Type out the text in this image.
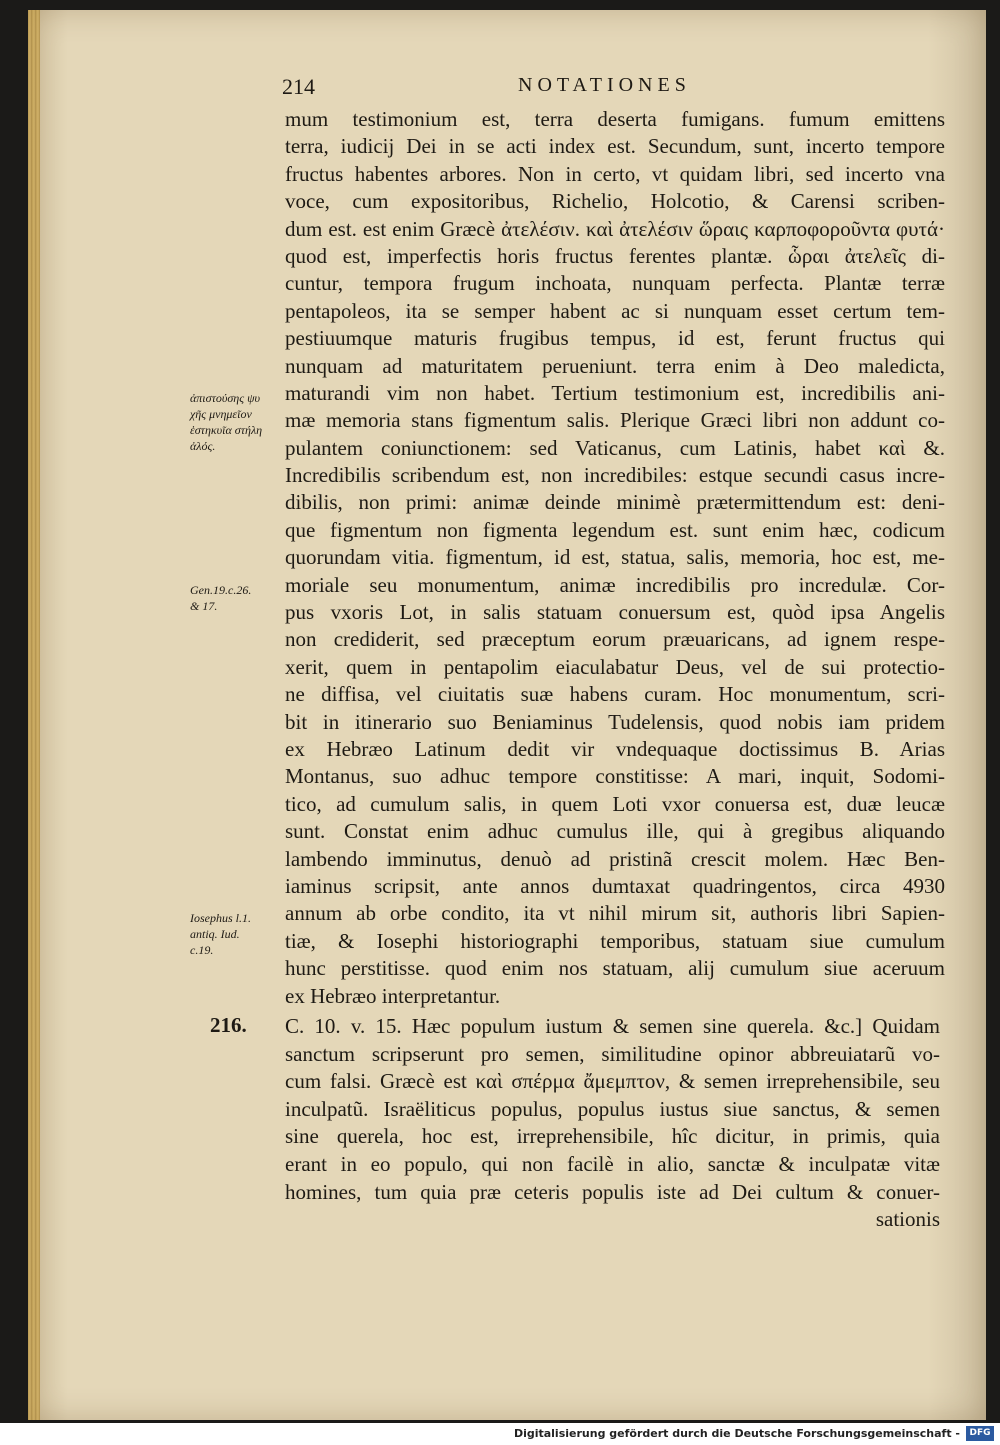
214	NOTATIONES
mum testimonium est, terra deserta fumigans. fumum emittens
terra, iudicij Dei in se acti index est. Secundum, sunt, incerto tempore
fructus habentes arbores. Non in certo, vt quidam libri, sed incerto vna
voce, cum expositoribus, Richelio, Holcotio, & Carensi scriben-
dum est. est enim Græcè ἀτελέσιν. καὶ ἀτελέσιν ὥραις καρποφοροῦντα φυτά·
quod est, imperfectis horis fructus ferentes plantæ. ὧραι ἀτελεῖς di-
cuntur, tempora frugum inchoata, nunquam perfecta. Plantæ terræ
pentapoleos, ita se semper habent ac si nunquam esset certum tem-
pestiuumque maturis frugibus tempus, id est, ferunt fructus qui
nunquam ad maturitatem perueniunt. terra enim à Deo maledicta,
maturandi vim non habet. Tertium testimonium est, incredibilis ani-
mæ memoria stans figmentum salis. Plerique Græci libri non addunt co-
pulantem coniunctionem: sed Vaticanus, cum Latinis, habet καὶ &.
Incredibilis scribendum est, non incredibiles: estque secundi casus incre-
dibilis, non primi: animæ deinde minimè prætermittendum est: deni-
que figmentum non figmenta legendum est. sunt enim hæc, codicum
quorundam vitia. figmentum, id est, statua, salis, memoria, hoc est, me-
moriale seu monumentum, animæ incredibilis pro incredulæ. Cor-
pus vxoris Lot, in salis statuam conuersum est, quòd ipsa Angelis
non crediderit, sed præceptum eorum præuaricans, ad ignem respe-
xerit, quem in pentapolim eiaculabatur Deus, vel de sui protectio-
ne diffisa, vel ciuitatis suæ habens curam. Hoc monumentum, scri-
bit in itinerario suo Beniaminus Tudelensis, quod nobis iam pridem
ex Hebræo Latinum dedit vir vndequaque doctissimus B. Arias
Montanus, suo adhuc tempore constitisse: A mari, inquit, Sodomi-
tico, ad cumulum salis, in quem Loti vxor conuersa est, duæ leucæ
sunt. Constat enim adhuc cumulus ille, qui à gregibus aliquando
lambendo imminutus, denuò ad pristinã crescit molem. Hæc Ben-
iaminus scripsit, ante annos dumtaxat quadringentos, circa 4930
annum ab orbe condito, ita vt nihil mirum sit, authoris libri Sapien-
tiæ, & Iosephi historiographi temporibus, statuam siue cumulum
hunc perstitisse. quod enim nos statuam, alij cumulum siue aceruum
ex Hebræo interpretantur.
ἀπιστούσης ψυ
χῆς μνημεῖον
ἑστηκυῖα στήλη
ἁλός.
Gen.19.c.26.
& 17.
Iosephus l.1.
antiq. Iud.
c.19.
216. C. 10. v. 15. Hæc populum iustum & semen sine querela. &c.] Quidam
sanctum scripserunt pro semen, similitudine opinor abbreuiatarũ vo-
cum falsi. Græcè est καὶ σπέρμα ἄμεμπτον, & semen irreprehensibile, seu
inculpatũ. Israëliticus populus, populus iustus siue sanctus, & semen
sine querela, hoc est, irreprehensibile, hîc dicitur, in primis, quia
erant in eo populo, qui non facilè in alio, sanctæ & inculpatæ vitæ
homines, tum quia præ ceteris populis iste ad Dei cultum & conuer-
sationis
Digitalisierung gefördert durch die Deutsche Forschungsgemeinschaft -	DFG
